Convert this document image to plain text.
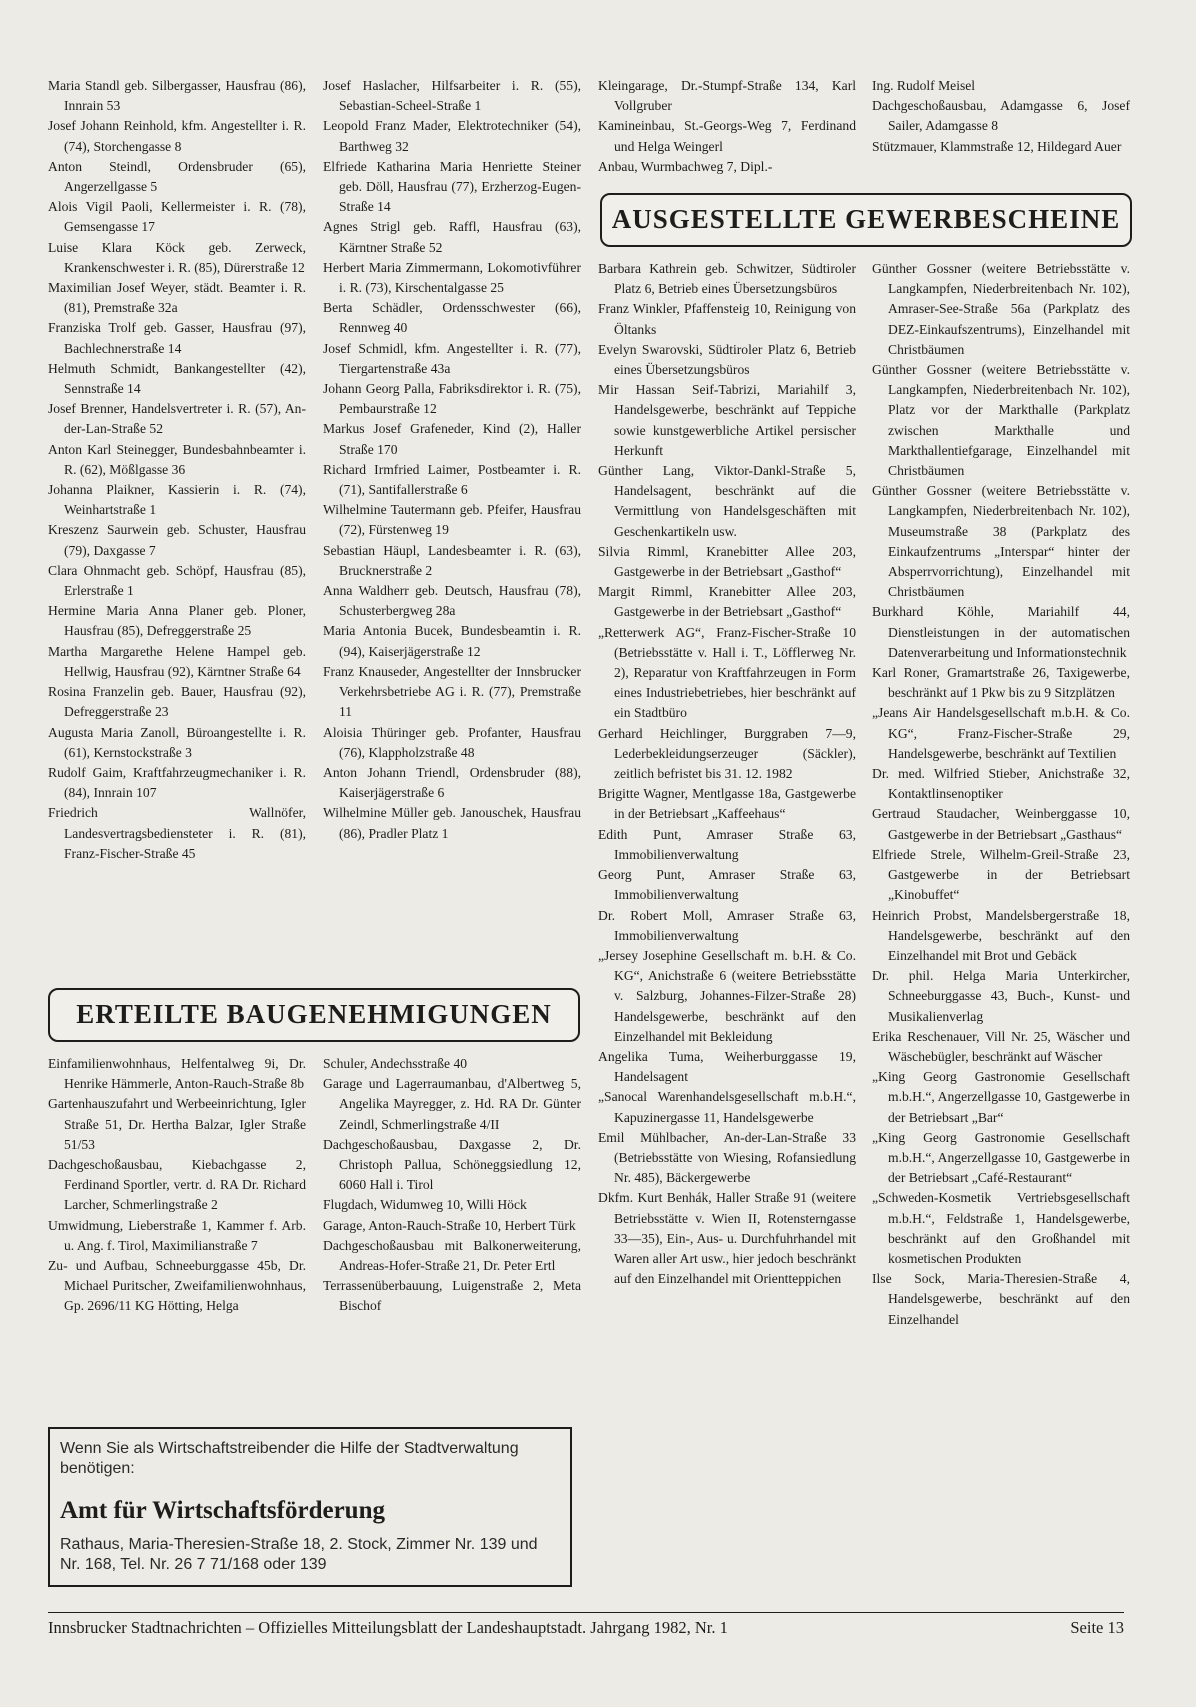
Maria Standl geb. Silbergasser, Hausfrau (86), Innrain 53

Josef Johann Reinhold, kfm. Angestellter i. R. (74), Storchengasse 8

Anton Steindl, Ordensbruder (65), Angerzellgasse 5

Alois Vigil Paoli, Kellermeister i. R. (78), Gemsengasse 17

Luise Klara Köck geb. Zerweck, Krankenschwester i. R. (85), Dürerstraße 12

Maximilian Josef Weyer, städt. Beamter i. R. (81), Premstraße 32a

Franziska Trolf geb. Gasser, Hausfrau (97), Bachlechnerstraße 14

Helmuth Schmidt, Bankangestellter (42), Sennstraße 14

Josef Brenner, Handelsvertreter i. R. (57), An-der-Lan-Straße 52

Anton Karl Steinegger, Bundesbahnbeamter i. R. (62), Mößlgasse 36

Johanna Plaikner, Kassierin i. R. (74), Weinhartstraße 1

Kreszenz Saurwein geb. Schuster, Hausfrau (79), Daxgasse 7

Clara Ohnmacht geb. Schöpf, Hausfrau (85), Erlerstraße 1

Hermine Maria Anna Planer geb. Ploner, Hausfrau (85), Defreggerstraße 25

Martha Margarethe Helene Hampel geb. Hellwig, Hausfrau (92), Kärntner Straße 64

Rosina Franzelin geb. Bauer, Hausfrau (92), Defreggerstraße 23

Augusta Maria Zanoll, Büroangestellte i. R. (61), Kernstockstraße 3

Rudolf Gaim, Kraftfahrzeugmechaniker i. R. (84), Innrain 107

Friedrich Wallnöfer, Landesvertragsbediensteter i. R. (81), Franz-Fischer-Straße 45

Josef Haslacher, Hilfsarbeiter i. R. (55), Sebastian-Scheel-Straße 1

Leopold Franz Mader, Elektrotechniker (54), Barthweg 32

Elfriede Katharina Maria Henriette Steiner geb. Döll, Hausfrau (77), Erzherzog-Eugen-Straße 14

Agnes Strigl geb. Raffl, Hausfrau (63), Kärntner Straße 52

Herbert Maria Zimmermann, Lokomotivführer i. R. (73), Kirschentalgasse 25

Berta Schädler, Ordensschwester (66), Rennweg 40

Josef Schmidl, kfm. Angestellter i. R. (77), Tiergartenstraße 43a

Johann Georg Palla, Fabriksdirektor i. R. (75), Pembaurstraße 12

Markus Josef Grafeneder, Kind (2), Haller Straße 170

Richard Irmfried Laimer, Postbeamter i. R. (71), Santifallerstraße 6

Wilhelmine Tautermann geb. Pfeifer, Hausfrau (72), Fürstenweg 19

Sebastian Häupl, Landesbeamter i. R. (63), Brucknerstraße 2

Anna Waldherr geb. Deutsch, Hausfrau (78), Schusterbergweg 28a

Maria Antonia Bucek, Bundesbeamtin i. R. (94), Kaiserjägerstraße 12

Franz Knauseder, Angestellter der Innsbrucker Verkehrsbetriebe AG i. R. (77), Premstraße 11

Aloisia Thüringer geb. Profanter, Hausfrau (76), Klappholzstraße 48

Anton Johann Triendl, Ordensbruder (88), Kaiserjägerstraße 6

Wilhelmine Müller geb. Janouschek, Hausfrau (86), Pradler Platz 1

Kleingarage, Dr.-Stumpf-Straße 134, Karl Vollgruber

Kamineinbau, St.-Georgs-Weg 7, Ferdinand und Helga Weingerl

Anbau, Wurmbachweg 7, Dipl.-

Ing. Rudolf Meisel

Dachgeschoßausbau, Adamgasse 6, Josef Sailer, Adamgasse 8

Stützmauer, Klammstraße 12, Hildegard Auer

AUSGESTELLTE GEWERBESCHEINE

Barbara Kathrein geb. Schwitzer, Südtiroler Platz 6, Betrieb eines Übersetzungsbüros

Franz Winkler, Pfaffensteig 10, Reinigung von Öltanks

Evelyn Swarovski, Südtiroler Platz 6, Betrieb eines Übersetzungsbüros

Mir Hassan Seif-Tabrizi, Mariahilf 3, Handelsgewerbe, beschränkt auf Teppiche sowie kunstgewerbliche Artikel persischer Herkunft

Günther Lang, Viktor-Dankl-Straße 5, Handelsagent, beschränkt auf die Vermittlung von Handelsgeschäften mit Geschenkartikeln usw.

Silvia Rimml, Kranebitter Allee 203, Gastgewerbe in der Betriebsart „Gasthof“

Margit Rimml, Kranebitter Allee 203, Gastgewerbe in der Betriebsart „Gasthof“

„Retterwerk AG“, Franz-Fischer-Straße 10 (Betriebsstätte v. Hall i. T., Löfflerweg Nr. 2), Reparatur von Kraftfahrzeugen in Form eines Industriebetriebes, hier beschränkt auf ein Stadtbüro

Gerhard Heichlinger, Burggraben 7—9, Lederbekleidungserzeuger (Säckler), zeitlich befristet bis 31. 12. 1982

Brigitte Wagner, Mentlgasse 18a, Gastgewerbe in der Betriebsart „Kaffeehaus“

Edith Punt, Amraser Straße 63, Immobilienverwaltung

Georg Punt, Amraser Straße 63, Immobilienverwaltung

Dr. Robert Moll, Amraser Straße 63, Immobilienverwaltung

„Jersey Josephine Gesellschaft m. b.H. & Co. KG“, Anichstraße 6 (weitere Betriebsstätte v. Salzburg, Johannes-Filzer-Straße 28) Handelsgewerbe, beschränkt auf den Einzelhandel mit Bekleidung

Angelika Tuma, Weiherburggasse 19, Handelsagent

„Sanocal Warenhandelsgesellschaft m.b.H.“, Kapuzinergasse 11, Handelsgewerbe

Emil Mühlbacher, An-der-Lan-Straße 33 (Betriebsstätte von Wiesing, Rofansiedlung Nr. 485), Bäckergewerbe

Dkfm. Kurt Benhák, Haller Straße 91 (weitere Betriebsstätte v. Wien II, Rotensterngasse 33—35), Ein-, Aus- u. Durchfuhrhandel mit Waren aller Art usw., hier jedoch beschränkt auf den Einzelhandel mit Orientteppichen

Günther Gossner (weitere Betriebsstätte v. Langkampfen, Niederbreitenbach Nr. 102), Amraser-See-Straße 56a (Parkplatz des DEZ-Einkaufszentrums), Einzelhandel mit Christbäumen

Günther Gossner (weitere Betriebsstätte v. Langkampfen, Niederbreitenbach Nr. 102), Platz vor der Markthalle (Parkplatz zwischen Markthalle und Markthallentiefgarage, Einzelhandel mit Christbäumen

Günther Gossner (weitere Betriebsstätte v. Langkampfen, Niederbreitenbach Nr. 102), Museumstraße 38 (Parkplatz des Einkaufzentrums „Interspar“ hinter der Absperrvorrichtung), Einzelhandel mit Christbäumen

Burkhard Köhle, Mariahilf 44, Dienstleistungen in der automatischen Datenverarbeitung und Informationstechnik

Karl Roner, Gramartstraße 26, Taxigewerbe, beschränkt auf 1 Pkw bis zu 9 Sitzplätzen

„Jeans Air Handelsgesellschaft m.b.H. & Co. KG“, Franz-Fischer-Straße 29, Handelsgewerbe, beschränkt auf Textilien

Dr. med. Wilfried Stieber, Anichstraße 32, Kontaktlinsenoptiker

Gertraud Staudacher, Weinberggasse 10, Gastgewerbe in der Betriebsart „Gasthaus“

Elfriede Strele, Wilhelm-Greil-Straße 23, Gastgewerbe in der Betriebsart „Kinobuffet“

Heinrich Probst, Mandelsbergerstraße 18, Handelsgewerbe, beschränkt auf den Einzelhandel mit Brot und Gebäck

Dr. phil. Helga Maria Unterkircher, Schneeburggasse 43, Buch-, Kunst- und Musikalienverlag

Erika Reschenauer, Vill Nr. 25, Wäscher und Wäschebügler, beschränkt auf Wäscher

„King Georg Gastronomie Gesellschaft m.b.H.“, Angerzellgasse 10, Gastgewerbe in der Betriebsart „Bar“

„King Georg Gastronomie Gesellschaft m.b.H.“, Angerzellgasse 10, Gastgewerbe in der Betriebsart „Café-Restaurant“

„Schweden-Kosmetik Vertriebsgesellschaft m.b.H.“, Feldstraße 1, Handelsgewerbe, beschränkt auf den Großhandel mit kosmetischen Produkten

Ilse Sock, Maria-Theresien-Straße 4, Handelsgewerbe, beschränkt auf den Einzelhandel

ERTEILTE BAUGENEHMIGUNGEN

Einfamilienwohnhaus, Helfentalweg 9i, Dr. Henrike Hämmerle, Anton-Rauch-Straße 8b

Gartenhauszufahrt und Werbeeinrichtung, Igler Straße 51, Dr. Hertha Balzar, Igler Straße 51/53

Dachgeschoßausbau, Kiebachgasse 2, Ferdinand Sportler, vertr. d. RA Dr. Richard Larcher, Schmerlingstraße 2

Umwidmung, Lieberstraße 1, Kammer f. Arb. u. Ang. f. Tirol, Maximilianstraße 7

Zu- und Aufbau, Schneeburggasse 45b, Dr. Michael Puritscher, Zweifamilienwohnhaus, Gp. 2696/11 KG Hötting, Helga

Schuler, Andechsstraße 40

Garage und Lagerraumanbau, d'Albertweg 5, Angelika Mayregger, z. Hd. RA Dr. Günter Zeindl, Schmerlingstraße 4/II

Dachgeschoßausbau, Daxgasse 2, Dr. Christoph Pallua, Schöneggsiedlung 12, 6060 Hall i. Tirol

Flugdach, Widumweg 10, Willi Höck

Garage, Anton-Rauch-Straße 10, Herbert Türk

Dachgeschoßausbau mit Balkonerweiterung, Andreas-Hofer-Straße 21, Dr. Peter Ertl

Terrassenüberbauung, Luigenstraße 2, Meta Bischof

Wenn Sie als Wirtschaftstreibender die Hilfe der Stadtverwaltung benötigen:
Amt für Wirtschaftsförderung
Rathaus, Maria-Theresien-Straße 18, 2. Stock, Zimmer Nr. 139 und Nr. 168, Tel. Nr. 26 7 71/168 oder 139
Innsbrucker Stadtnachrichten – Offizielles Mitteilungsblatt der Landeshauptstadt. Jahrgang 1982, Nr. 1	Seite 13
